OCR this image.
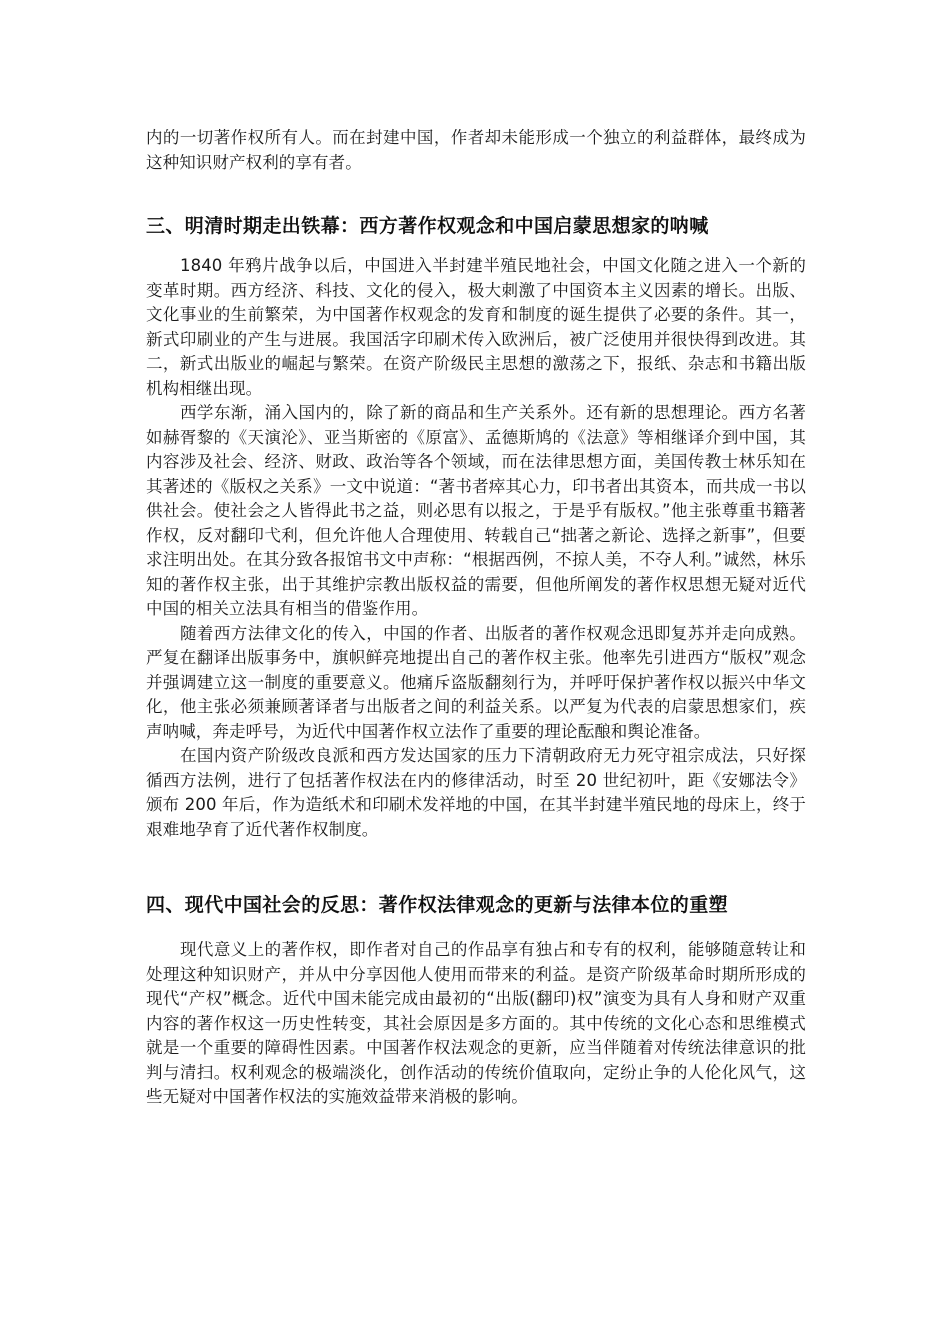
内的一切著作权所有人。而在封建中国，作者却未能形成一个独立的利益群体，最终成为这种知识财产权利的享有者。

三、明清时期走出铁幕：西方著作权观念和中国启蒙思想家的呐喊

1840 年鸦片战争以后，中国进入半封建半殖民地社会，中国文化随之进入一个新的变革时期。西方经济、科技、文化的侵入，极大刺激了中国资本主义因素的增长。出版、文化事业的生前繁荣，为中国著作权观念的发育和制度的诞生提供了必要的条件。其一，新式印刷业的产生与进展。我国活字印刷术传入欧洲后，被广泛使用并很快得到改进。其二，新式出版业的崛起与繁荣。在资产阶级民主思想的激荡之下，报纸、杂志和书籍出版机构相继出现。

西学东渐，涌入国内的，除了新的商品和生产关系外。还有新的思想理论。西方名著如赫胥黎的《天演沦》、亚当斯密的《原富》、孟德斯鸠的《法意》等相继译介到中国，其内容涉及社会、经济、财政、政治等各个领域，而在法律思想方面，美国传教士林乐知在其著述的《版权之关系》一文中说道：“著书者瘁其心力，印书者出其资本，而共成一书以供社会。使社会之人皆得此书之益，则必思有以报之，于是乎有版权。”他主张尊重书籍著作权，反对翻印弋利，但允许他人合理使用、转载自己“拙著之新论、选择之新事”，但要求注明出处。在其分致各报馆书文中声称：“根据西例，不掠人美，不夺人利。”诚然，林乐知的著作权主张，出于其维护宗教出版权益的需要，但他所阐发的著作权思想无疑对近代中国的相关立法具有相当的借鉴作用。

随着西方法律文化的传入，中国的作者、出版者的著作权观念迅即复苏并走向成熟。严复在翻译出版事务中，旗帜鲜亮地提出自己的著作权主张。他率先引进西方“版权”观念并强调建立这一制度的重要意义。他痛斥盗版翻刻行为，并呼吁保护著作权以振兴中华文化，他主张必须兼顾著译者与出版者之间的利益关系。以严复为代表的启蒙思想家们，疾声呐喊，奔走呼号，为近代中国著作权立法作了重要的理论酝酿和舆论准备。

在国内资产阶级改良派和西方发达国家的压力下清朝政府无力死守祖宗成法，只好探循西方法例，进行了包括著作权法在内的修律活动，时至 20 世纪初叶，距《安娜法令》颁布 200 年后，作为造纸术和印刷术发祥地的中国，在其半封建半殖民地的母床上，终于艰难地孕育了近代著作权制度。

四、现代中国社会的反思：著作权法律观念的更新与法律本位的重塑

现代意义上的著作权，即作者对自己的作品享有独占和专有的权利，能够随意转让和处理这种知识财产，并从中分享因他人使用而带来的利益。是资产阶级革命时期所形成的现代“产权”概念。近代中国未能完成由最初的“出版(翻印)权”演变为具有人身和财产双重内容的著作权这一历史性转变，其社会原因是多方面的。其中传统的文化心态和思维模式就是一个重要的障碍性因素。中国著作权法观念的更新，应当伴随着对传统法律意识的批判与清扫。权利观念的极端淡化，创作活动的传统价值取向，定纷止争的人伦化风气，这些无疑对中国著作权法的实施效益带来消极的影响。
